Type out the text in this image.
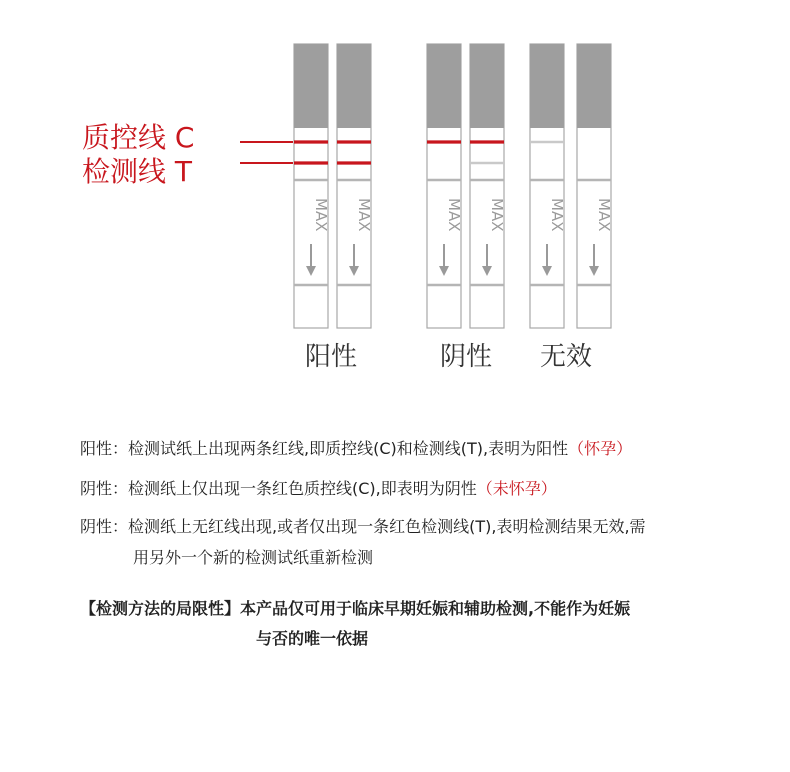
质控线 C
检测线 T
MAX MAX	MAX MAX	MAX MAX
阳性	阴性 无效
阳性：检测试纸上出现两条红线,即质控线(C)和检测线(T),表明为阳性（怀孕）
阴性：检测纸上仅出现一条红色质控线(C),即表明为阴性（未怀孕）
阴性：检测纸上无红线出现,或者仅出现一条红色检测线(T),表明检测结果无效,需
用另外一个新的检测试纸重新检测
【检测方法的局限性】本产品仅可用于临床早期妊娠和辅助检测,不能作为妊娠
与否的唯一依据
